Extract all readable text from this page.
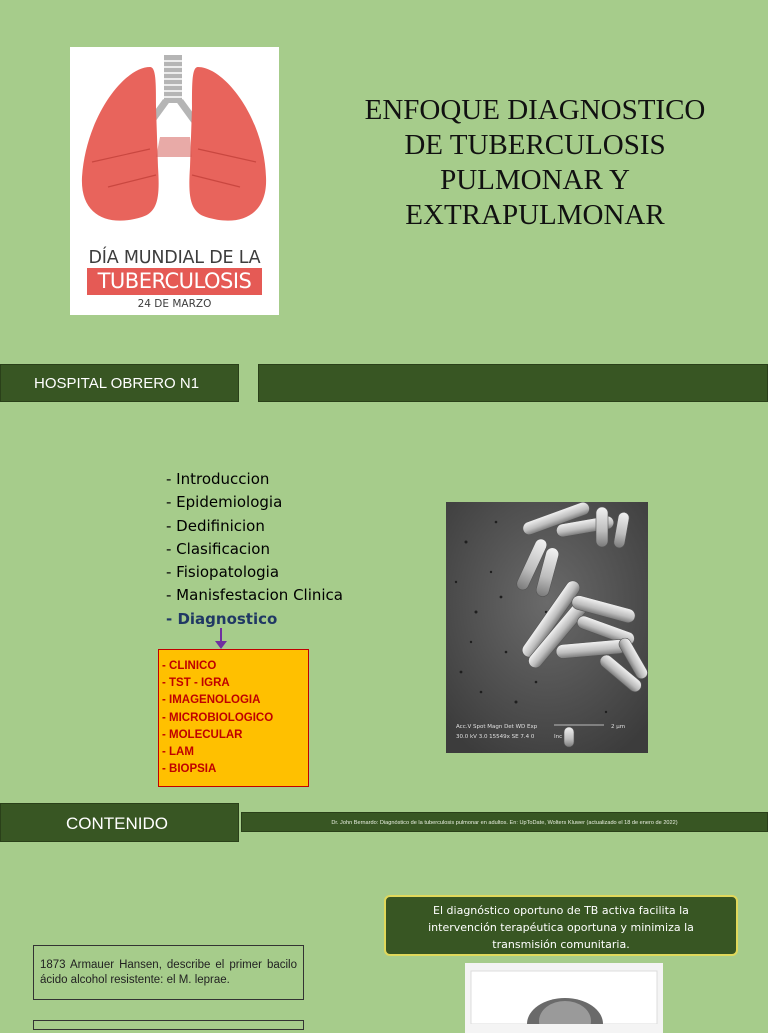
DÍA MUNDIAL DE LA
TUBERCULOSIS
24 DE MARZO
ENFOQUE DIAGNOSTICO
DE TUBERCULOSIS
PULMONAR Y
EXTRAPULMONAR
HOSPITAL OBRERO N1
- Introduccion
- Epidemiologia
- Dedifinicion
- Clasificacion
- Fisiopatologia
- Manisfestacion Clinica
- Diagnostico
- CLINICO
- TST - IGRA
- IMAGENOLOGIA
- MICROBIOLOGICO
- MOLECULAR
- LAM
- BIOPSIA
Acc.V Spot Magn Det WD Exp
30.0 kV 3.0 15549x SE 7.4 0
2 µm
Inc
CONTENIDO	Dr. John Bernardo: Diagnóstico de la tuberculosis pulmonar en adultos. En: UpToDate, Wolters Kluwer (actualizado el 18 de enero de 2022)
El diagnóstico oportuno de TB activa facilita la
intervención terapéutica oportuna y minimiza la
transmisión comunitaria.
1873 Armauer Hansen, describe el primer bacilo ácido alcohol resistente: el M. leprae.
